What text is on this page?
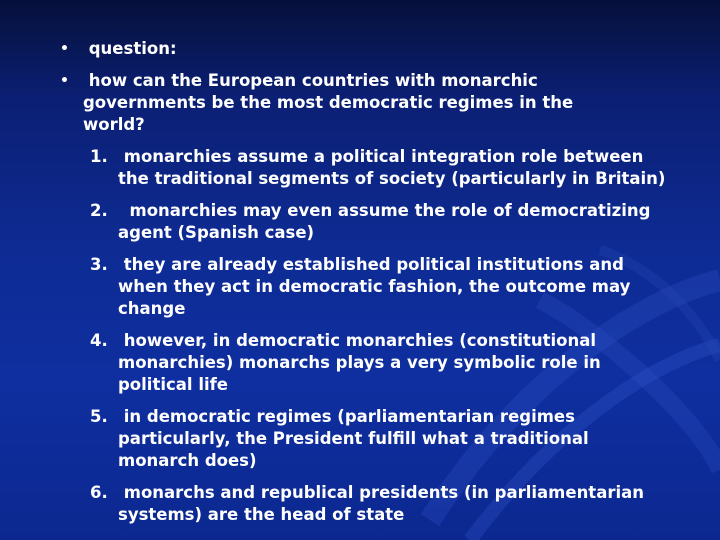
• question:
• how can the European countries with monarchic governments be the most democratic regimes in the world?
1. monarchies assume a political integration role between the traditional segments of society (particularly in Britain)
2. monarchies may even assume the role of democratizing agent (Spanish case)
3. they are already established political institutions and when they act in democratic fashion, the outcome may change
4. however, in democratic monarchies (constitutional monarchies) monarchs plays a very symbolic role in political life
5. in democratic regimes (parliamentarian regimes particularly, the President fulfill what a traditional monarch does)
6. monarchs and republical presidents (in parliamentarian systems) are the head of state
